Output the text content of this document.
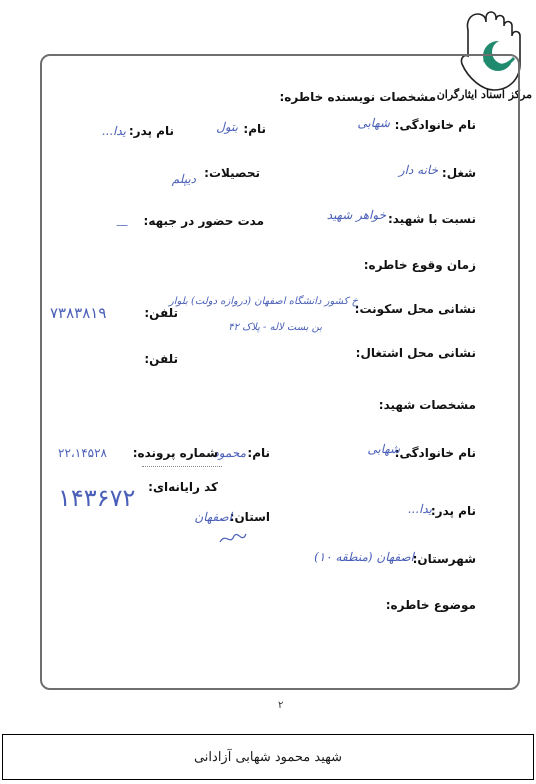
مرکز اسناد ایثارگران
مشخصات نویسنده خاطره:
نام خانوادگی:
شهابی
نام:
بتول
نام پدر:
یدا...
شغل:
خانه دار
تحصیلات:
دیپلم
نسبت با شهید:
خواهر شهید
مدت حضور در جبهه:
—
زمان وقوع خاطره:
نشانی محل سکونت:
خ کشور دانشگاه اصفهان (دروازه دولت) بلوار
بن بست لاله - پلاک ۴۲
تلفن:
۷۳۸۳۸۱۹
نشانی محل اشتغال:
تلفن:
مشخصات شهید:
نام خانوادگی:
شهابی
نام:
محمود
شماره پرونده:
۲۲،۱۴۵۲۸
کد رایانه‌ای:
۱۴۳۶۷۲	نام پدر:
یدا...
استان:
اصفهان
شهرستان:
اصفهان (منطقه ۱۰)
موضوع خاطره:
۲
شهید محمود شهابی آزادانی
